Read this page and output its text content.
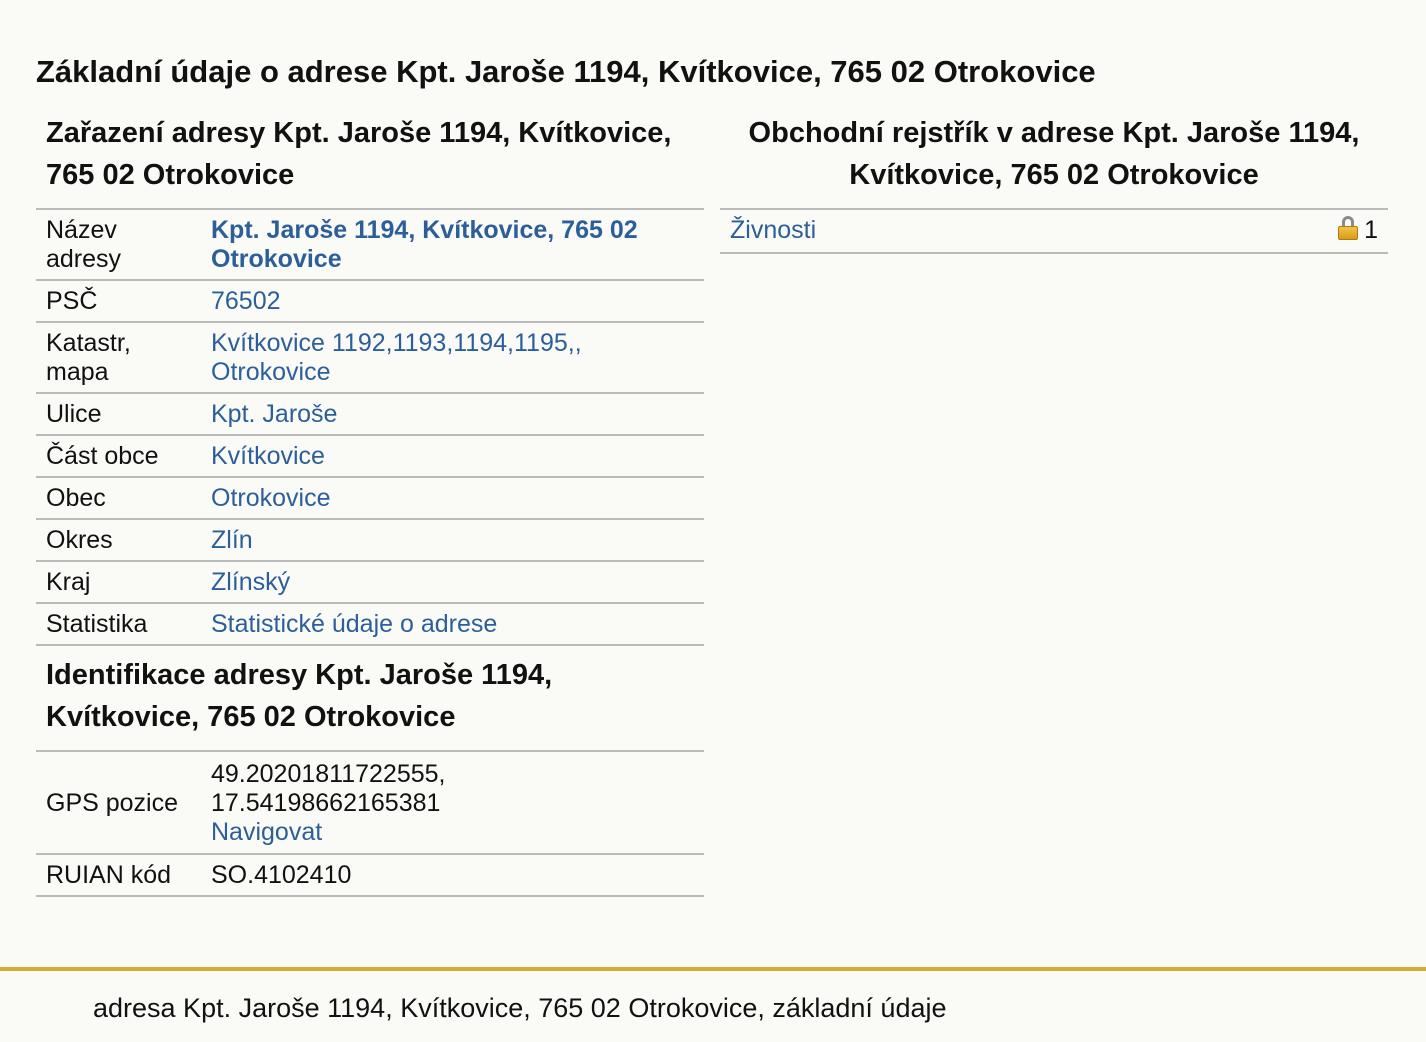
Základní údaje o adrese Kpt. Jaroše 1194, Kvítkovice, 765 02 Otrokovice
Zařazení adresy Kpt. Jaroše 1194, Kvítkovice, 765 02 Otrokovice
Název adresy	Kpt. Jaroše 1194, Kvítkovice, 765 02 Otrokovice
PSČ	76502
Katastr, mapa	Kvítkovice 1192,1193,1194,1195,, Otrokovice
Ulice	Kpt. Jaroše
Část obce	Kvítkovice
Obec	Otrokovice
Okres	Zlín
Kraj	Zlínský
Statistika	Statistické údaje o adrese
Identifikace adresy Kpt. Jaroše 1194, Kvítkovice, 765 02 Otrokovice
GPS pozice	49.20201811722555,
17.54198662165381
Navigovat
RUIAN kód	SO.4102410
Obchodní rejstřík v adrese Kpt. Jaroše 1194, Kvítkovice, 765 02 Otrokovice
Živnosti	1
adresa Kpt. Jaroše 1194, Kvítkovice, 765 02 Otrokovice, základní údaje
